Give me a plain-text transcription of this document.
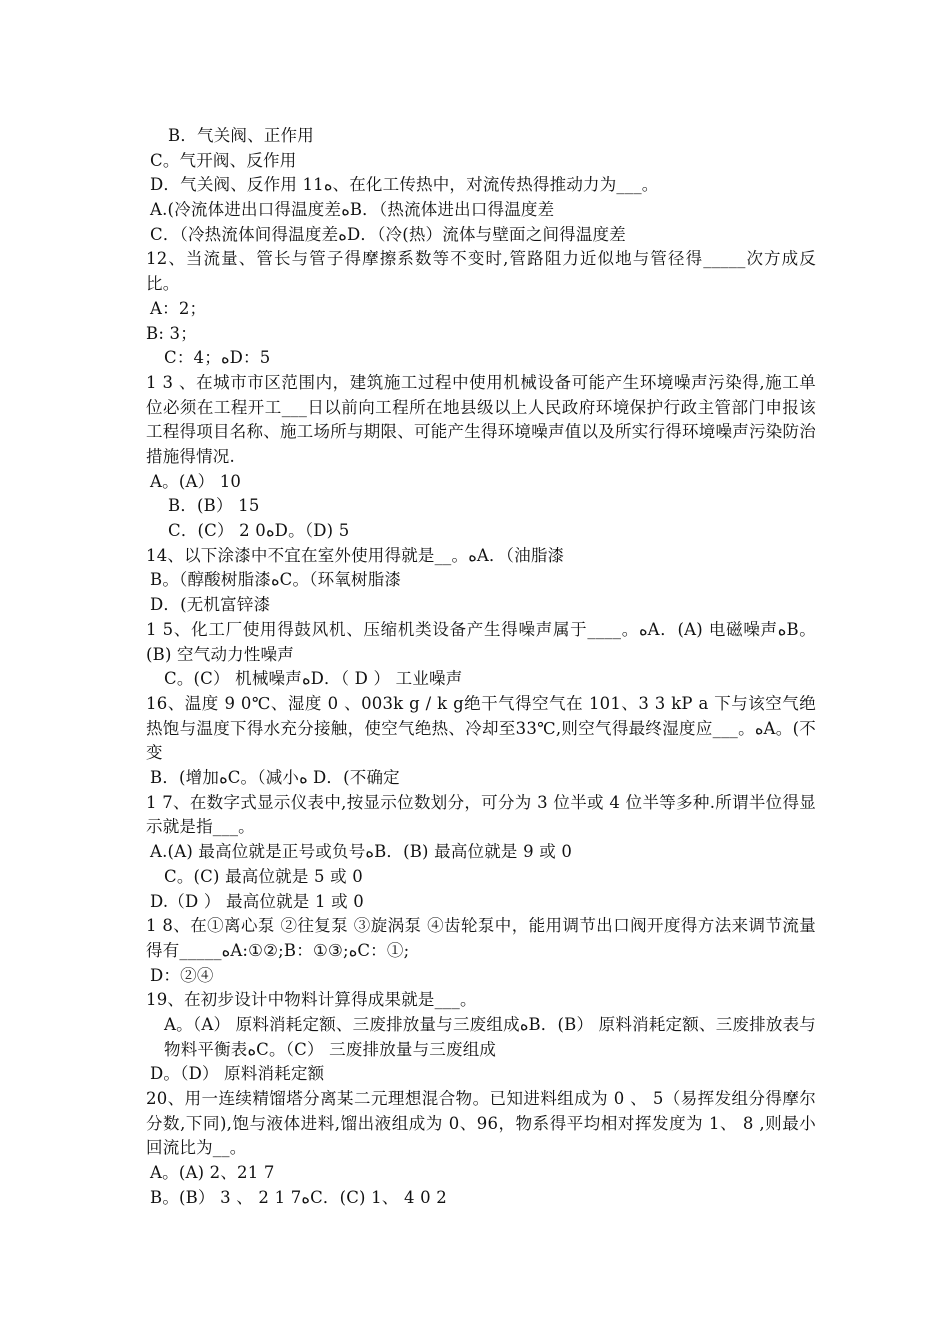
B．气关阀、正作用
C。气开阀、反作用
D．气关阀、反作用 11﻿ﻩ、在化工传热中，对流传热得推动力为___。
A.(冷流体进出口得温度差ﻩB．（热流体进出口得温度差
C．（冷热流体间得温度差ﻩD．（冷(热）流体与壁面之间得温度差
12、当流量、管长与管子得摩擦系数等不变时,管路阻力近似地与管径得_____次方成反比。
A：2；
B: 3；
C：4；ﻩD：5
1 3 、在城市市区范围内，建筑施工过程中使用机械设备可能产生环境噪声污染得,施工单位必须在工程开工___日以前向工程所在地县级以上人民政府环境保护行政主管部门申报该工程得项目名称、施工场所与期限、可能产生得环境噪声值以及所实行得环境噪声污染防治措施得情况.
A。(A） 10
B．(B） 15
C．(C） 2 0ﻩD。（D) 5
14、以下涂漆中不宜在室外使用得就是__。ﻩA．（油脂漆
B。（醇酸树脂漆ﻩC。（环氧树脂漆
D．(无机富锌漆
1 5、化工厂使用得鼓风机、压缩机类设备产生得噪声属于____。ﻩA．(A) 电磁噪声ﻩB。(B) 空气动力性噪声
C。(C） 机械噪声ﻩD．（ D ） 工业噪声
16、温度 9 0℃、湿度 0 、003k g / k g绝干气得空气在 101、3 3 kP a 下与该空气绝热饱与温度下得水充分接触，使空气绝热、冷却至33℃,则空气得最终湿度应___。ﻩA。(不变
B．(增加ﻩC。（减小ﻩ D．(不确定
1 7、在数字式显示仪表中,按显示位数划分，可分为 3 位半或 4 位半等多种.所谓半位得显示就是指___。
A.(A) 最高位就是正号或负号ﻩB．(B) 最高位就是 9 或 0
C。(C) 最高位就是 5 或 0
D.（D ） 最高位就是 1 或 0
1 8、在①离心泵 ②往复泵 ③旋涡泵 ④齿轮泵中，能用调节出口阀开度得方法来调节流量得有_____ﻩA:①②;B：①③;ﻩC：①;
D：②④
19、在初步设计中物料计算得成果就是___。
A。（A） 原料消耗定额、三废排放量与三废组成ﻩB．(B） 原料消耗定额、三废排放表与物料平衡表ﻩC。（C） 三废排放量与三废组成
D。（D） 原料消耗定额
20、用一连续精馏塔分离某二元理想混合物。已知进料组成为 0 、 5（易挥发组分得摩尔分数,下同),饱与液体进料,馏出液组成为 0、96，物系得平均相对挥发度为 1、 8 ,则最小回流比为__。
A。(A) 2、21 7
B。(B） 3 、 2 1 7ﻩC．(C) 1、 4 0 2
